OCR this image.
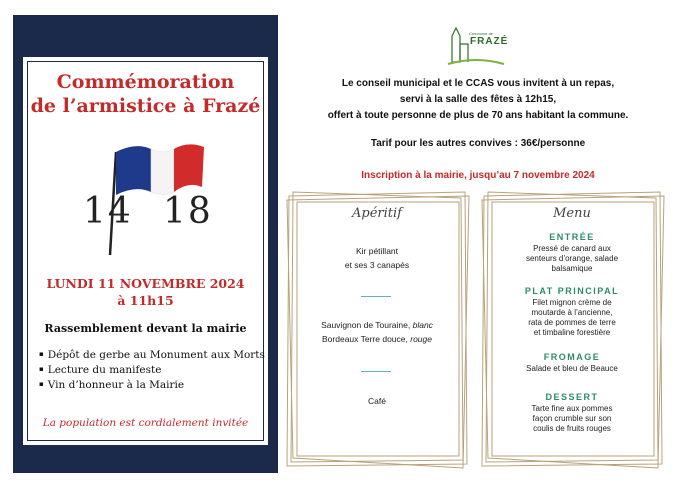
Commémoration
de l’armistice à Frazé
14 18
LUNDI 11 NOVEMBRE 2024
à 11h15
Rassemblement devant la mairie
▪ Dépôt de gerbe au Monument aux Morts
▪ Lecture du manifeste
▪ Vin d’honneur à la Mairie
La population est cordialement invitée
Commune de
FRAZÉ
Le conseil municipal et le CCAS vous invitent à un repas,
servi à la salle des fêtes à 12h15,
offert à toute personne de plus de 70 ans habitant la commune.
Tarif pour les autres convives : 36€/personne
Inscription à la mairie, jusqu’au 7 novembre 2024
Apéritif
Kir pétillant
et ses 3 canapés
Sauvignon de Touraine, blanc
Bordeaux Terre douce, rouge
Café
Menu
ENTRÉE
Pressé de canard aux
senteurs d’orange, salade
balsamique
PLAT PRINCIPAL
Filet mignon crème de
moutarde à l’ancienne,
rata de pommes de terre
et timbaline forestière
FROMAGE
Salade et bleu de Beauce
DESSERT
Tarte fine aux pommes
façon crumble sur son
coulis de fruits rouges
